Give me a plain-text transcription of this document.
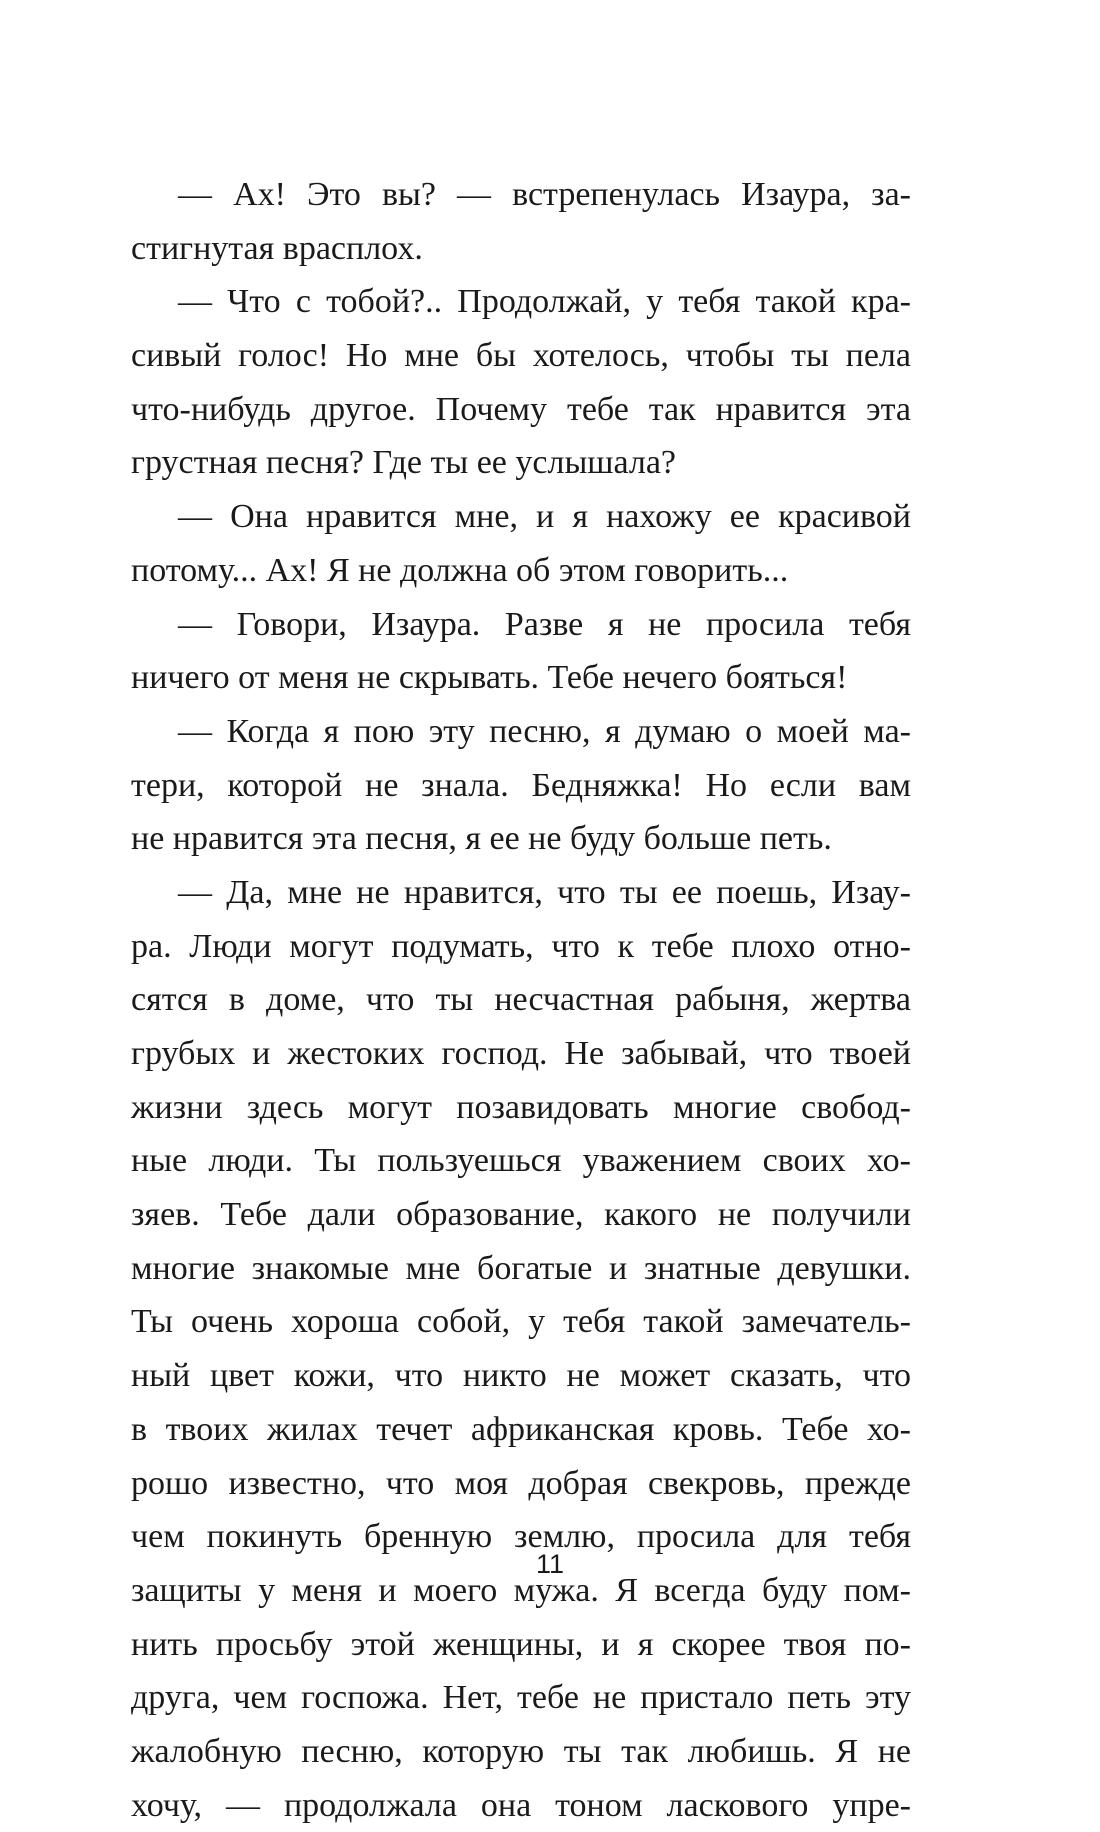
— Ах! Это вы? — встрепенулась Изаура, за-
стигнутая врасплох.
— Что с тобой?.. Продолжай, у тебя такой кра-
сивый голос! Но мне бы хотелось, чтобы ты пела
что-нибудь другое. Почему тебе так нравится эта
грустная песня? Где ты ее услышала?
— Она нравится мне, и я нахожу ее красивой
потому... Ах! Я не должна об этом говорить...
— Говори, Изаура. Разве я не просила тебя
ничего от меня не скрывать. Тебе нечего бояться!
— Когда я пою эту песню, я думаю о моей ма-
тери, которой не знала. Бедняжка! Но если вам
не нравится эта песня, я ее не буду больше петь.
— Да, мне не нравится, что ты ее поешь, Изау-
ра. Люди могут подумать, что к тебе плохо отно-
сятся в доме, что ты несчастная рабыня, жертва
грубых и жестоких господ. Не забывай, что твоей
жизни здесь могут позавидовать многие свобод-
ные люди. Ты пользуешься уважением своих хо-
зяев. Тебе дали образование, какого не получили
многие знакомые мне богатые и знатные девушки.
Ты очень хороша собой, у тебя такой замечатель-
ный цвет кожи, что никто не может сказать, что
в твоих жилах течет африканская кровь. Тебе хо-
рошо известно, что моя добрая свекровь, прежде
чем покинуть бренную землю, просила для тебя
защиты у меня и моего мужа. Я всегда буду пом-
нить просьбу этой женщины, и я скорее твоя по-
друга, чем госпожа. Нет, тебе не пристало петь эту
жалобную песню, которую ты так любишь. Я не
хочу, — продолжала она тоном ласкового упре-
11
